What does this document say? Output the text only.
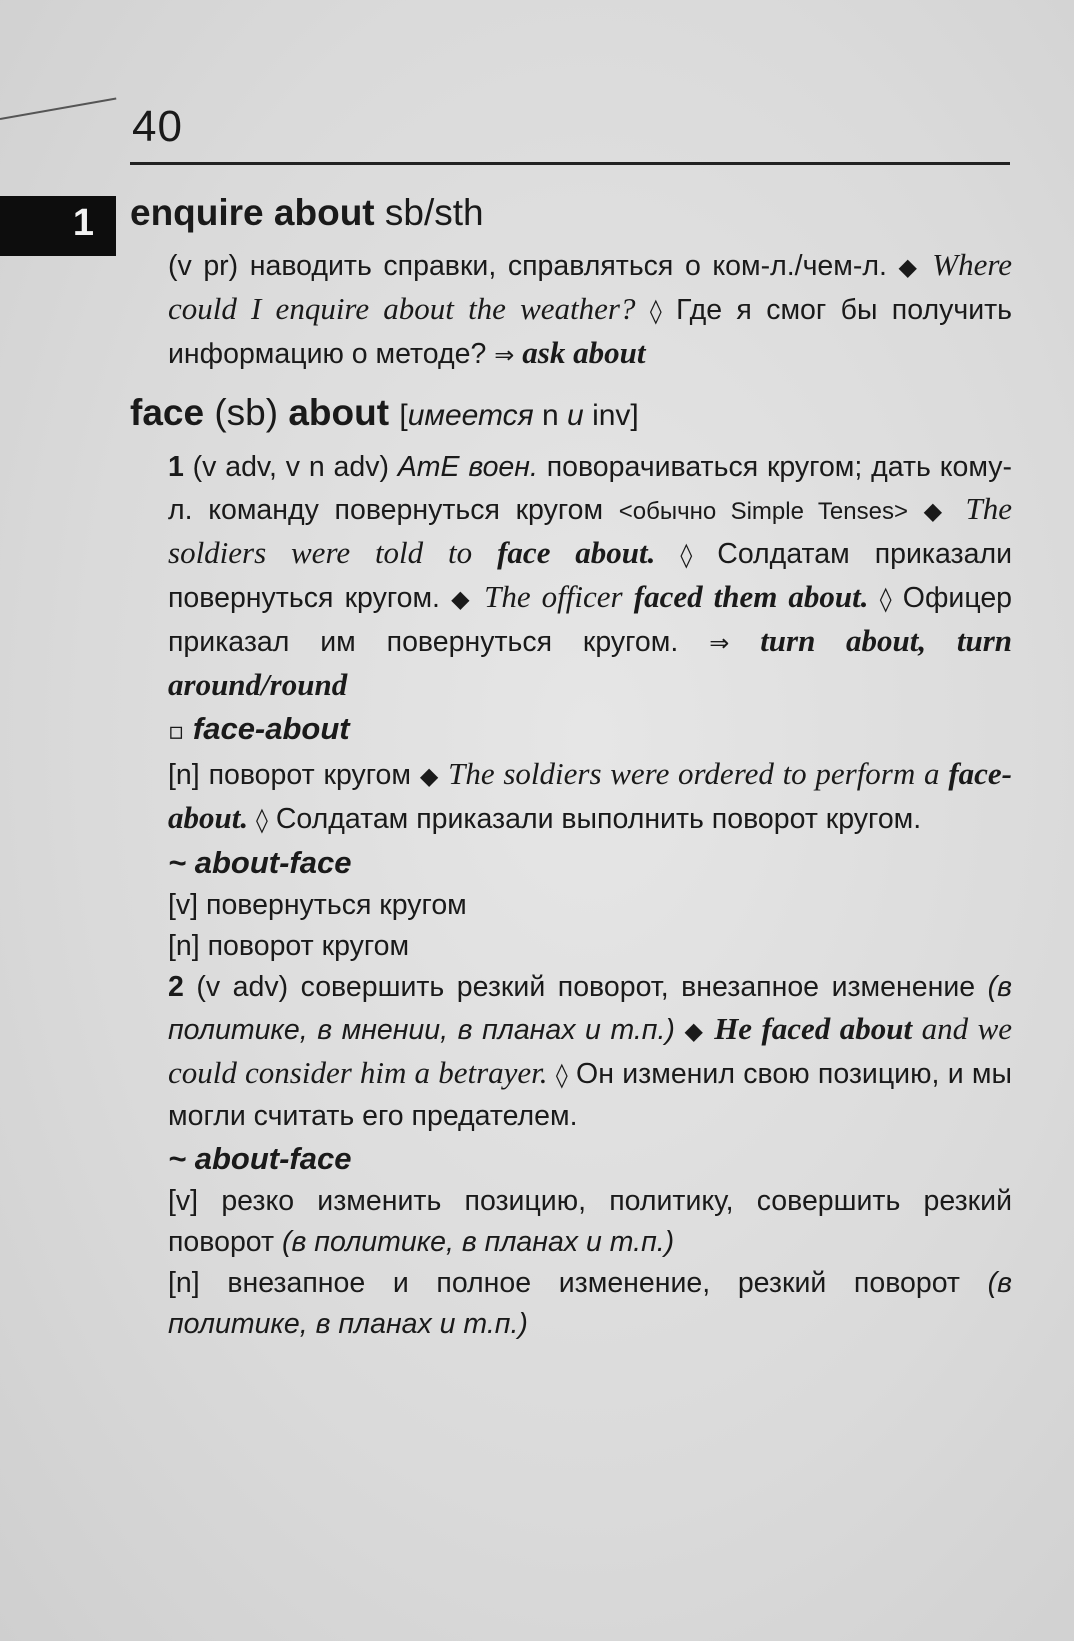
40
1 enquire about sb/sth

(v pr) наводить справки, справляться о ком-л./чем-л. ◆ Where could I enquire about the weather? ◊ Где я смог бы получить информацию о методе? ⇒ ask about

face (sb) about [имеется n и inv]

1 (v adv, v n adv) AmE воен. поворачиваться кругом; дать кому-л. команду повернуться кругом <обычно Simple Tenses> ◆ The soldiers were told to face about. ◊ Солдатам приказали повернуться кругом. ◆ The officer faced them about. ◊ Офицер приказал им повернуться кругом. ⇒ turn about, turn around/round

▫ face-about

[n] поворот кругом ◆ The soldiers were ordered to perform a face-about. ◊ Солдатам приказали выполнить поворот кругом.

~ about-face

[v] повернуться кругом

[n] поворот кругом

2 (v adv) совершить резкий поворот, внезапное изменение (в политике, в мнении, в планах и т.п.) ◆ He faced about and we could consider him a betrayer. ◊ Он изменил свою позицию, и мы могли считать его предателем.

~ about-face

[v] резко изменить позицию, политику, совершить резкий поворот (в политике, в планах и т.п.)

[n] внезапное и полное изменение, резкий поворот (в политике, в планах и т.п.)
